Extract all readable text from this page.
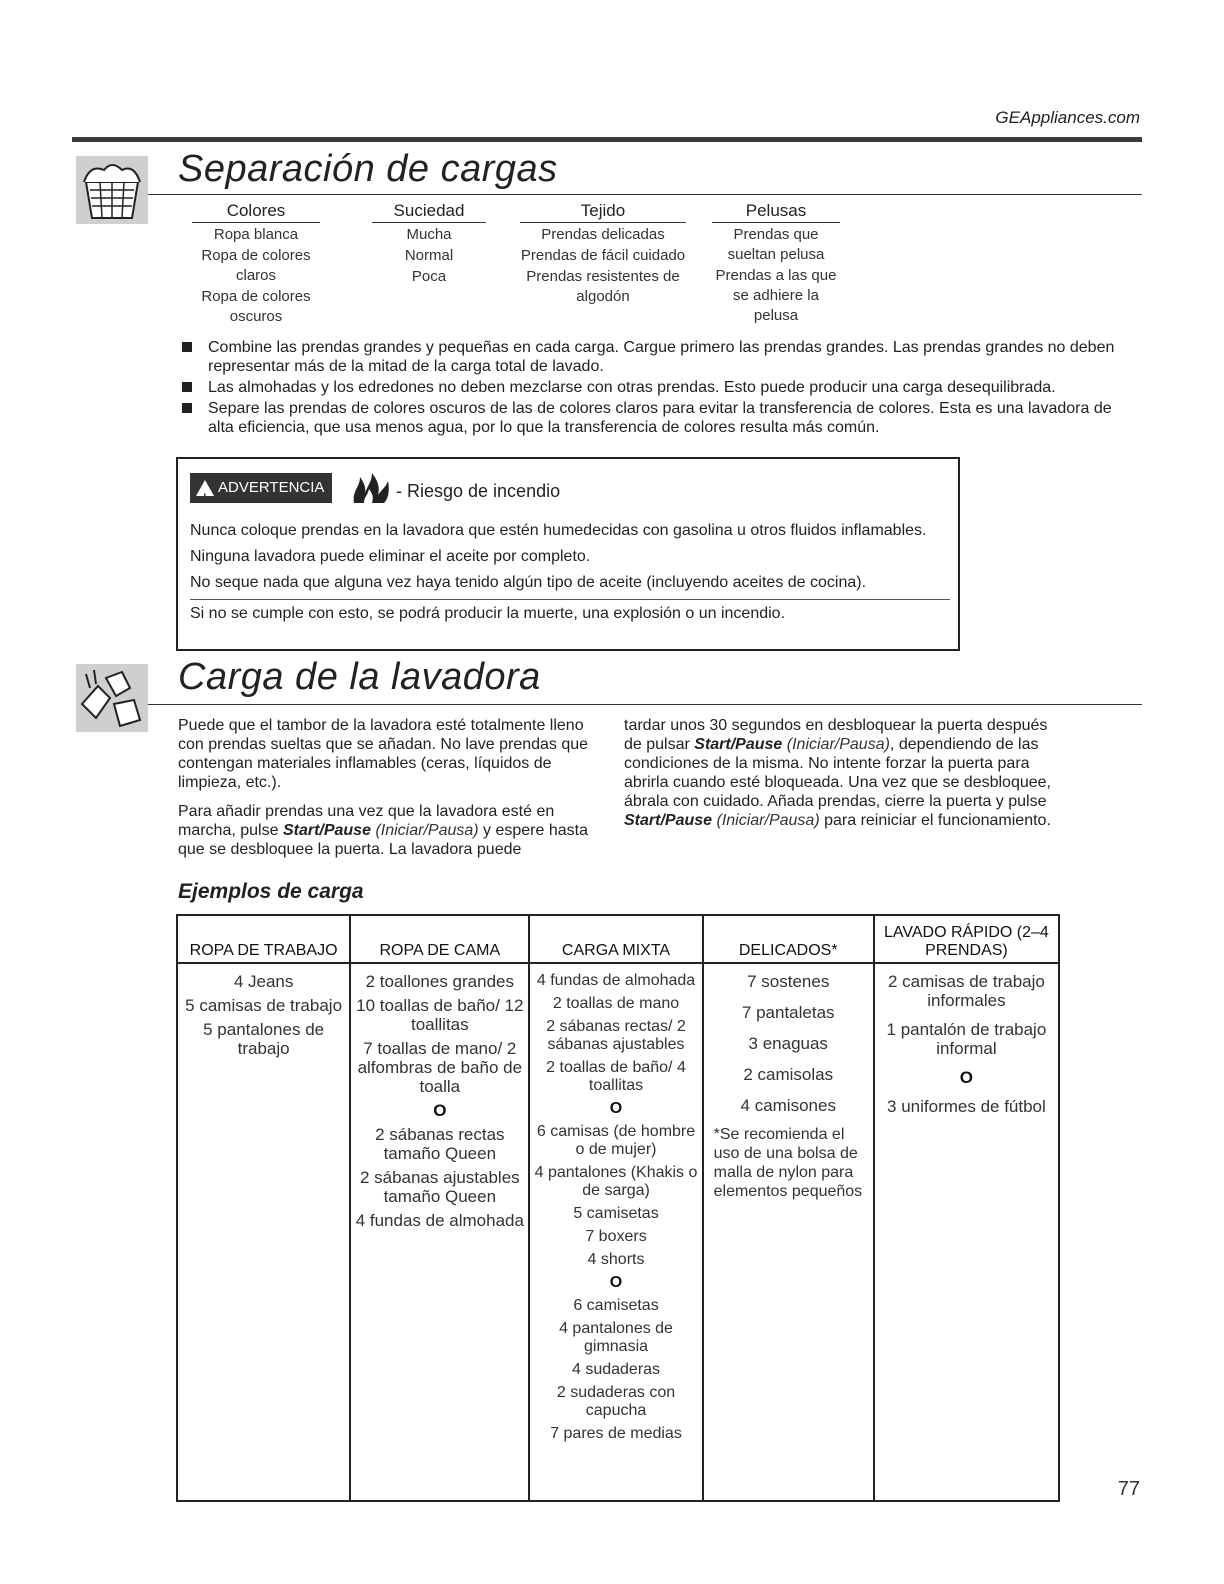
GEAppliances.com
Separación de cargas
Colores
Ropa blanca
Ropa de colores claros
Ropa de colores oscuros
Suciedad
Mucha
Normal
Poca
Tejido
Prendas delicadas
Prendas de fácil cuidado
Prendas resistentes de algodón
Pelusas
Prendas que sueltan pelusa
Prendas a las que se adhiere la pelusa
Combine las prendas grandes y pequeñas en cada carga. Cargue primero las prendas grandes. Las prendas grandes no deben representar más de la mitad de la carga total de lavado.
Las almohadas y los edredones no deben mezclarse con otras prendas. Esto puede producir una carga desequilibrada.
Separe las prendas de colores oscuros de las de colores claros para evitar la transferencia de colores. Esta es una lavadora de alta eficiencia, que usa menos agua, por lo que la transferencia de colores resulta más común.
!
ADVERTENCIA	- Riesgo de incendio

Nunca coloque prendas en la lavadora que estén humedecidas con gasolina u otros fluidos inflamables.

Ninguna lavadora puede eliminar el aceite por completo.

No seque nada que alguna vez haya tenido algún tipo de aceite (incluyendo aceites de cocina).

Si no se cumple con esto, se podrá producir la muerte, una explosión o un incendio.

Carga de la lavadora

Puede que el tambor de la lavadora esté totalmente lleno con prendas sueltas que se añadan. No lave prendas que contengan materiales inflamables (ceras, líquidos de limpieza, etc.).

Para añadir prendas una vez que la lavadora esté en marcha, pulse Start/Pause (Iniciar/Pausa) y espere hasta que se desbloquee la puerta. La lavadora puede

tardar unos 30 segundos en desbloquear la puerta después de pulsar Start/Pause (Iniciar/Pausa), dependiendo de las condiciones de la misma. No intente forzar la puerta para abrirla cuando esté bloqueada. Una vez que se desbloquee, ábrala con cuidado. Añada prendas, cierre la puerta y pulse Start/Pause (Iniciar/Pausa) para reiniciar el funcionamiento.

Ejemplos de carga
ROPA DE TRABAJO
4 Jeans
5 camisas de trabajo
5 pantalones de trabajo
ROPA DE CAMA
2 toallones grandes
10 toallas de baño/ 12 toallitas
7 toallas de mano/ 2 alfombras de baño de toalla
O
2 sábanas rectas tamaño Queen
2 sábanas ajustables tamaño Queen
4 fundas de almohada
CARGA MIXTA
4 fundas de almohada
2 toallas de mano
2 sábanas rectas/ 2 sábanas ajustables
2 toallas de baño/ 4 toallitas
O
6 camisas (de hombre o de mujer)
4 pantalones (Khakis o de sarga)
5 camisetas
7 boxers
4 shorts
O
6 camisetas
4 pantalones de gimnasia
4 sudaderas
2 sudaderas con capucha
7 pares de medias
DELICADOS*
7 sostenes
7 pantaletas
3 enaguas
2 camisolas
4 camisones
*Se recomienda el uso de una bolsa de malla de nylon para elementos pequeños
LAVADO RÁPIDO (2–4 PRENDAS)
2 camisas de trabajo informales
1 pantalón de trabajo informal
O
3 uniformes de fútbol
77
